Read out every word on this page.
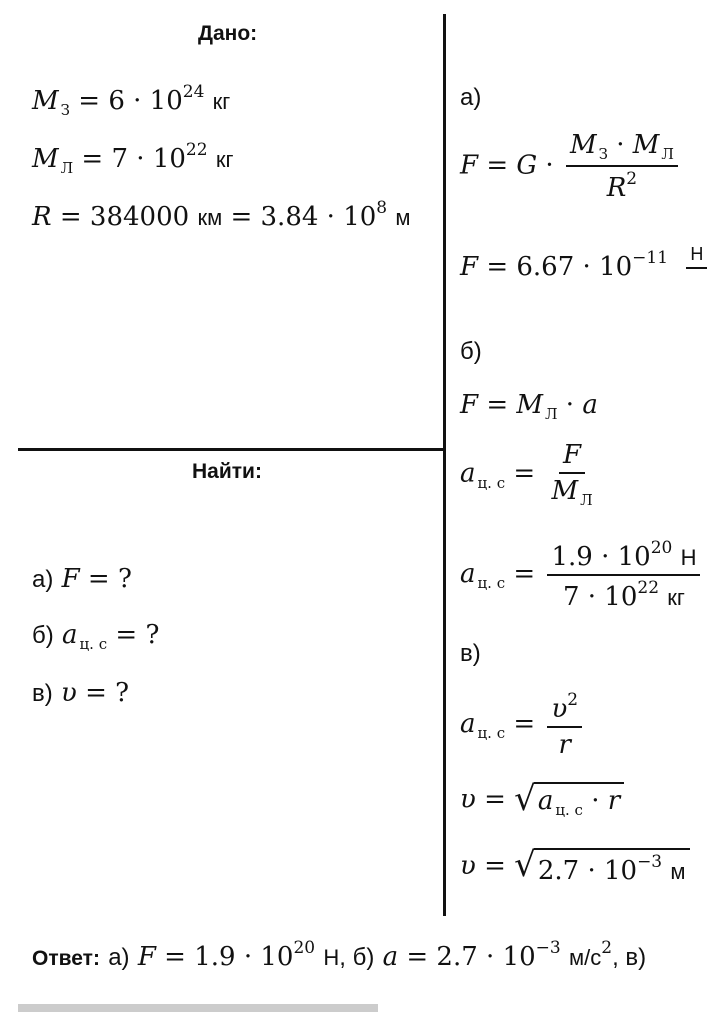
Дано:
M $_З = 6 \cdot 10^{24}$ кг
M $_Л = 7 \cdot 10^{22}$ кг
R = 384000 км = $3.84 \cdot 10^8$ м
Найти:
а) F = ?
б) a $_{ц. с}$ = ?
в) υ = ?
а)
$F = G \cdot \frac{M _З \cdot M _Л}{R^2}$
$F = 6.67 \cdot 10^{-11}$ Н

б)
F = M $_Л$ · a
a $_{ц. с} = \frac{F}{M _Л}$
a $_{ц. с} = \frac{1.9 \cdot 10^{20} Н}{7 \cdot 10^{22} кг}$
в)
a $_{ц. с} = \frac{\upsilon^2}{r}$
υ = √ a $_{ц. с}$ · r
υ = √ $2.7 \cdot 10^{-3}$ м
Ответ: а) $F = 1.9 \cdot 10^{20}$ Н, б) $a = 2.7 \cdot 10^{-3}$ $м/с^2$, в)
